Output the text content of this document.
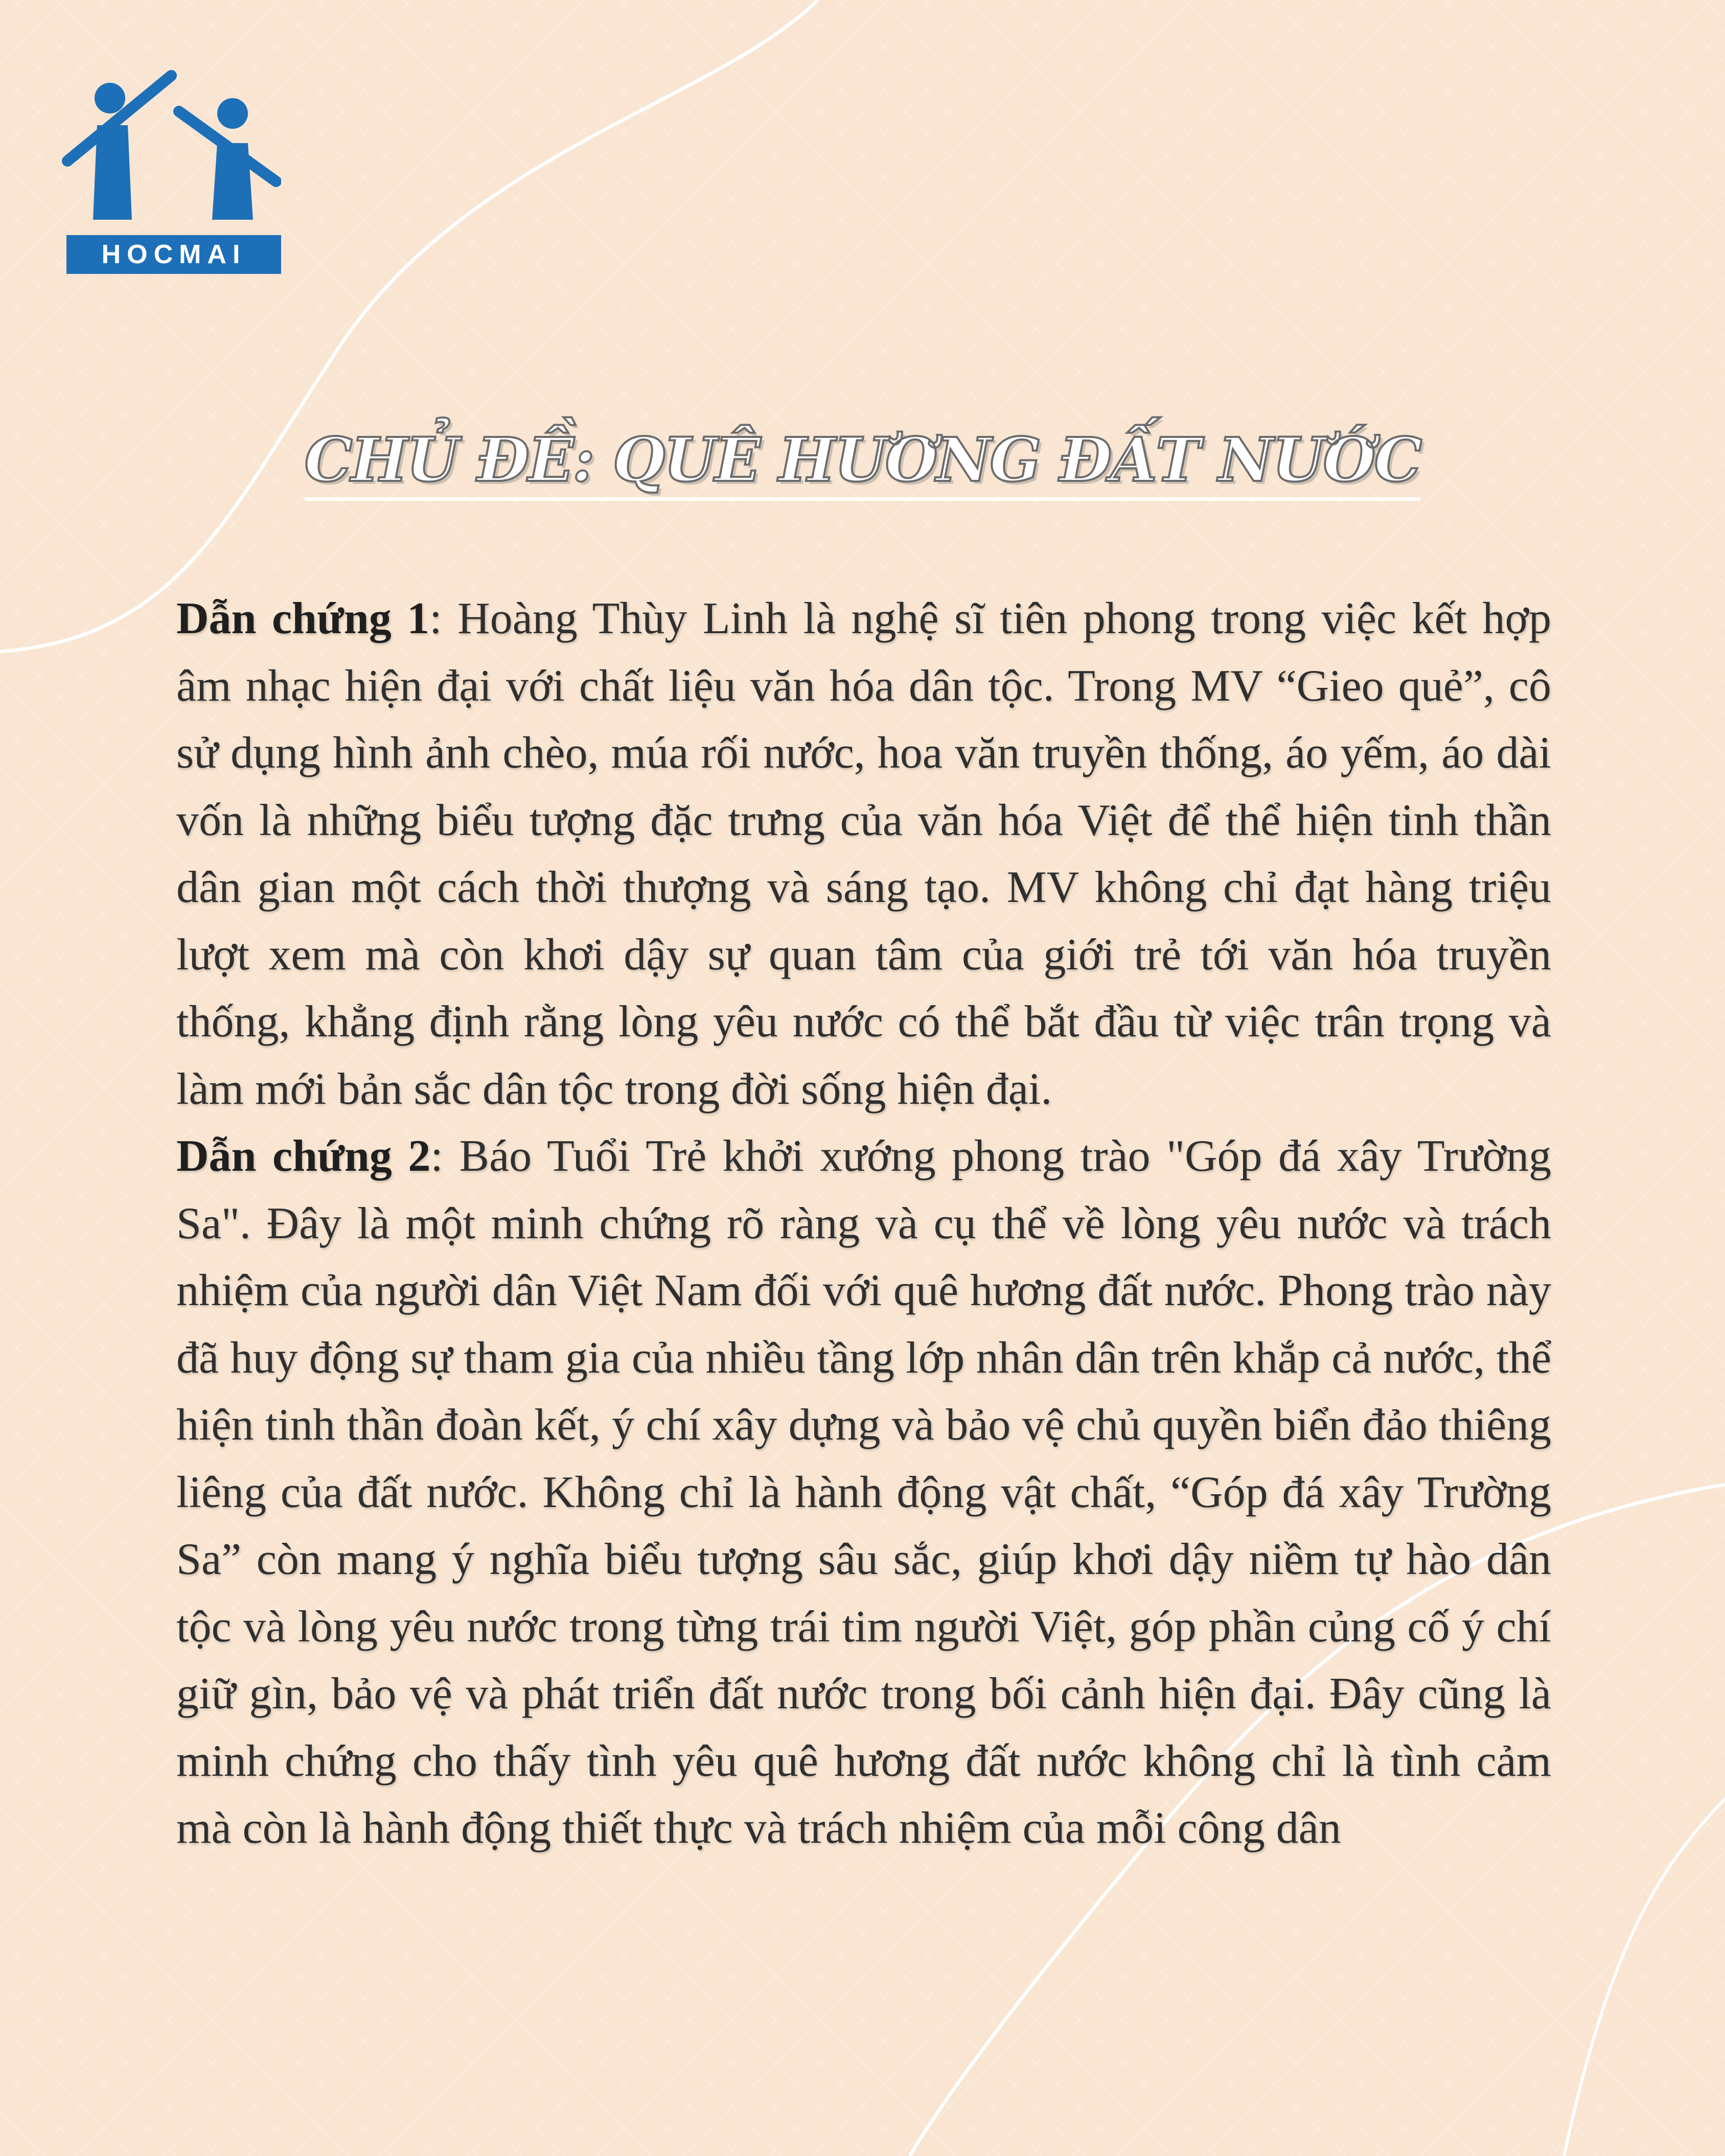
HOCMAI
CHỦ ĐỀ: QUÊ HƯƠNG ĐẤT NƯỚC

Dẫn chứng 1: Hoàng Thùy Linh là nghệ sĩ tiên phong trong việc kết hợp âm nhạc hiện đại với chất liệu văn hóa dân tộc. Trong MV “Gieo quẻ”, cô sử dụng hình ảnh chèo, múa rối nước, hoa văn truyền thống, áo yếm, áo dài vốn là những biểu tượng đặc trưng của văn hóa Việt để thể hiện tinh thần dân gian một cách thời thượng và sáng tạo. MV không chỉ đạt hàng triệu lượt xem mà còn khơi dậy sự quan tâm của giới trẻ tới văn hóa truyền thống, khẳng định rằng lòng yêu nước có thể bắt đầu từ việc trân trọng và làm mới bản sắc dân tộc trong đời sống hiện đại.

Dẫn chứng 2: Báo Tuổi Trẻ khởi xướng phong trào "Góp đá xây Trường Sa". Đây là một minh chứng rõ ràng và cụ thể về lòng yêu nước và trách nhiệm của người dân Việt Nam đối với quê hương đất nước. Phong trào này đã huy động sự tham gia của nhiều tầng lớp nhân dân trên khắp cả nước, thể hiện tinh thần đoàn kết, ý chí xây dựng và bảo vệ chủ quyền biển đảo thiêng liêng của đất nước. Không chỉ là hành động vật chất, “Góp đá xây Trường Sa” còn mang ý nghĩa biểu tượng sâu sắc, giúp khơi dậy niềm tự hào dân tộc và lòng yêu nước trong từng trái tim người Việt, góp phần củng cố ý chí giữ gìn, bảo vệ và phát triển đất nước trong bối cảnh hiện đại. Đây cũng là minh chứng cho thấy tình yêu quê hương đất nước không chỉ là tình cảm mà còn là hành động thiết thực và trách nhiệm của mỗi công dân
